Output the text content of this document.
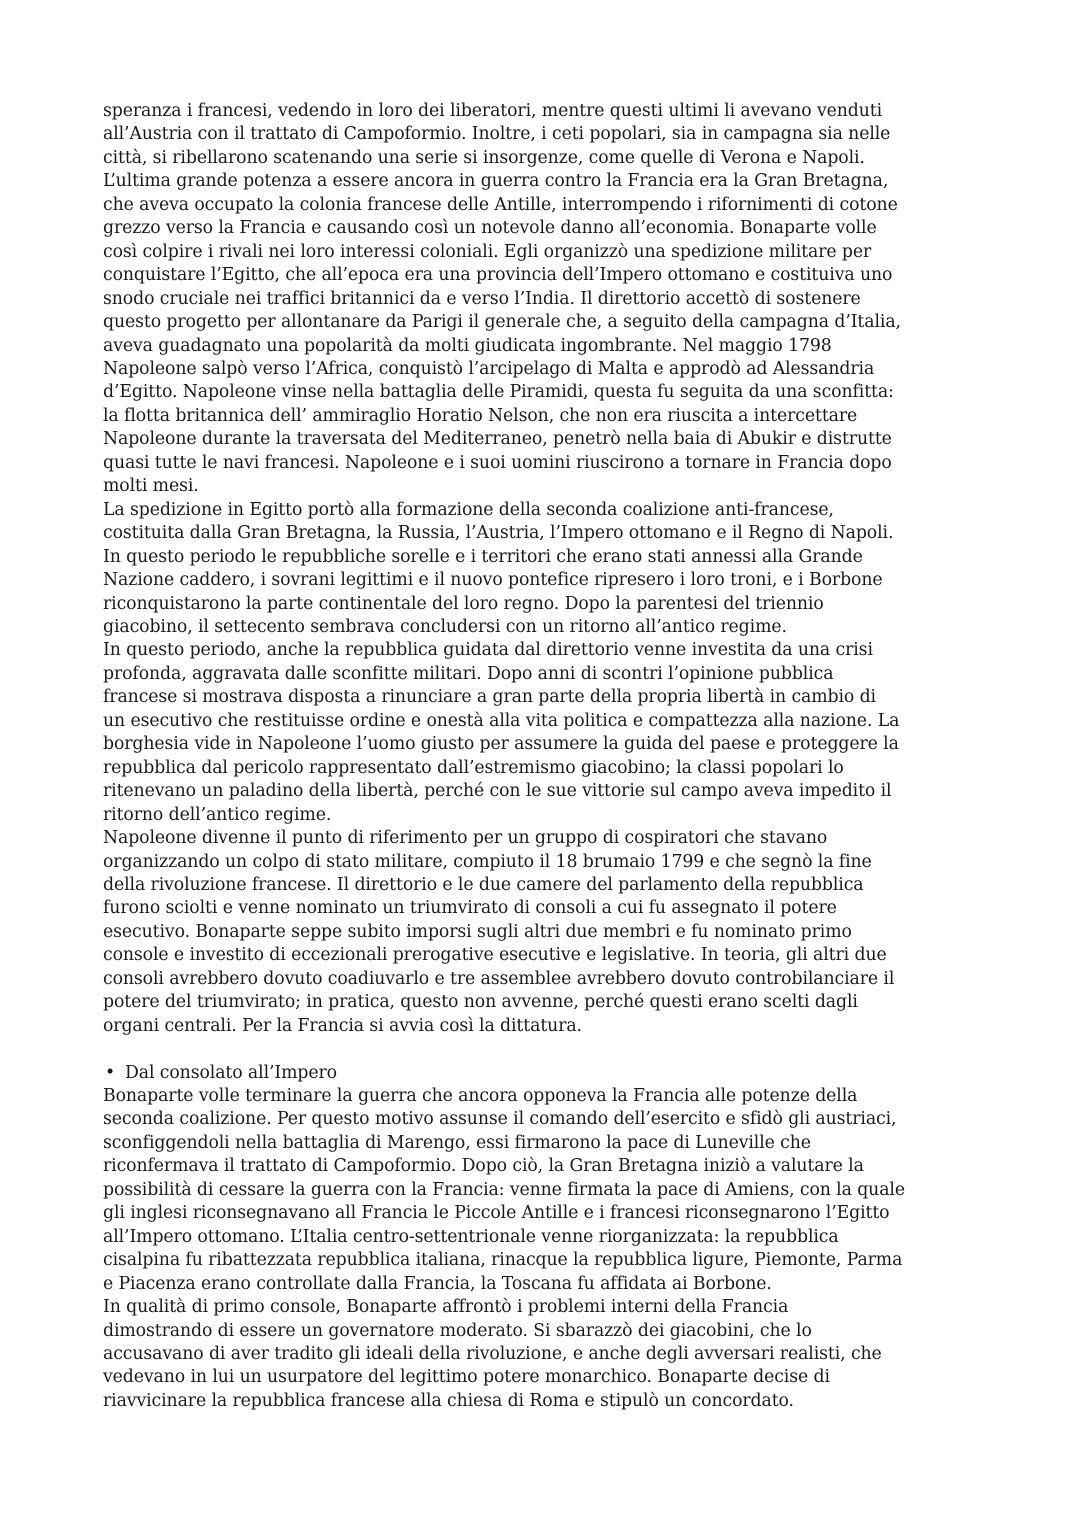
speranza i francesi, vedendo in loro dei liberatori, mentre questi ultimi li avevano venduti
all’Austria con il trattato di Campoformio. Inoltre, i ceti popolari, sia in campagna sia nelle
città, si ribellarono scatenando una serie si insorgenze, come quelle di Verona e Napoli.
L’ultima grande potenza a essere ancora in guerra contro la Francia era la Gran Bretagna,
che aveva occupato la colonia francese delle Antille, interrompendo i rifornimenti di cotone
grezzo verso la Francia e causando così un notevole danno all’economia. Bonaparte volle
così colpire i rivali nei loro interessi coloniali. Egli organizzò una spedizione militare per
conquistare l’Egitto, che all’epoca era una provincia dell’Impero ottomano e costituiva uno
snodo cruciale nei traffici britannici da e verso l’India. Il direttorio accettò di sostenere
questo progetto per allontanare da Parigi il generale che, a seguito della campagna d’Italia,
aveva guadagnato una popolarità da molti giudicata ingombrante. Nel maggio 1798
Napoleone salpò verso l’Africa, conquistò l’arcipelago di Malta e approdò ad Alessandria
d’Egitto. Napoleone vinse nella battaglia delle Piramidi, questa fu seguita da una sconfitta:
la flotta britannica dell’ ammiraglio Horatio Nelson, che non era riuscita a intercettare
Napoleone durante la traversata del Mediterraneo, penetrò nella baia di Abukir e distrutte
quasi tutte le navi francesi. Napoleone e i suoi uomini riuscirono a tornare in Francia dopo
molti mesi.
La spedizione in Egitto portò alla formazione della seconda coalizione anti-francese,
costituita dalla Gran Bretagna, la Russia, l’Austria, l’Impero ottomano e il Regno di Napoli.
In questo periodo le repubbliche sorelle e i territori che erano stati annessi alla Grande
Nazione caddero, i sovrani legittimi e il nuovo pontefice ripresero i loro troni, e i Borbone
riconquistarono la parte continentale del loro regno. Dopo la parentesi del triennio
giacobino, il settecento sembrava concludersi con un ritorno all’antico regime.
In questo periodo, anche la repubblica guidata dal direttorio venne investita da una crisi
profonda, aggravata dalle sconfitte militari. Dopo anni di scontri l’opinione pubblica
francese si mostrava disposta a rinunciare a gran parte della propria libertà in cambio di
un esecutivo che restituisse ordine e onestà alla vita politica e compattezza alla nazione. La
borghesia vide in Napoleone l’uomo giusto per assumere la guida del paese e proteggere la
repubblica dal pericolo rappresentato dall’estremismo giacobino; la classi popolari lo
ritenevano un paladino della libertà, perché con le sue vittorie sul campo aveva impedito il
ritorno dell’antico regime.
Napoleone divenne il punto di riferimento per un gruppo di cospiratori che stavano
organizzando un colpo di stato militare, compiuto il 18 brumaio 1799 e che segnò la fine
della rivoluzione francese. Il direttorio e le due camere del parlamento della repubblica
furono sciolti e venne nominato un triumvirato di consoli a cui fu assegnato il potere
esecutivo. Bonaparte seppe subito imporsi sugli altri due membri e fu nominato primo
console e investito di eccezionali prerogative esecutive e legislative. In teoria, gli altri due
consoli avrebbero dovuto coadiuvarlo e tre assemblee avrebbero dovuto controbilanciare il
potere del triumvirato; in pratica, questo non avvenne, perché questi erano scelti dagli
organi centrali. Per la Francia si avvia così la dittatura.
• Dal consolato all’Impero
Bonaparte volle terminare la guerra che ancora opponeva la Francia alle potenze della
seconda coalizione. Per questo motivo assunse il comando dell’esercito e sfidò gli austriaci,
sconfiggendoli nella battaglia di Marengo, essi firmarono la pace di Luneville che
riconfermava il trattato di Campoformio. Dopo ciò, la Gran Bretagna iniziò a valutare la
possibilità di cessare la guerra con la Francia: venne firmata la pace di Amiens, con la quale
gli inglesi riconsegnavano all Francia le Piccole Antille e i francesi riconsegnarono l’Egitto
all’Impero ottomano. L’Italia centro-settentrionale venne riorganizzata: la repubblica
cisalpina fu ribattezzata repubblica italiana, rinacque la repubblica ligure, Piemonte, Parma
e Piacenza erano controllate dalla Francia, la Toscana fu affidata ai Borbone.
In qualità di primo console, Bonaparte affrontò i problemi interni della Francia
dimostrando di essere un governatore moderato. Si sbarazzò dei giacobini, che lo
accusavano di aver tradito gli ideali della rivoluzione, e anche degli avversari realisti, che
vedevano in lui un usurpatore del legittimo potere monarchico. Bonaparte decise di
riavvicinare la repubblica francese alla chiesa di Roma e stipulò un concordato.
